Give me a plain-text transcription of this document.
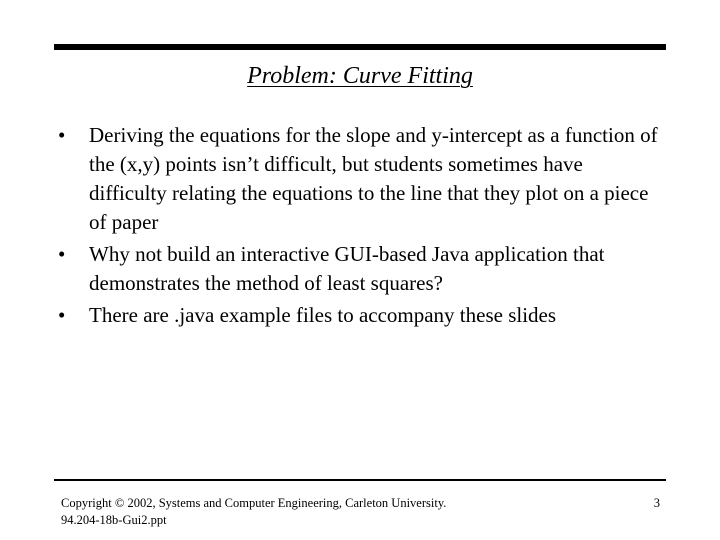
Problem: Curve Fitting
•	Deriving the equations for the slope and y-intercept as a function of the (x,y) points isn’t difficult, but students sometimes have difficulty relating the equations to the line that they plot on a piece of paper
•	Why not build an interactive GUI-based Java application that demonstrates the method of least squares?
•	There are .java example files to accompany these slides
Copyright © 2002, Systems and Computer Engineering, Carleton University. 94.204-18b-Gui2.ppt
3
